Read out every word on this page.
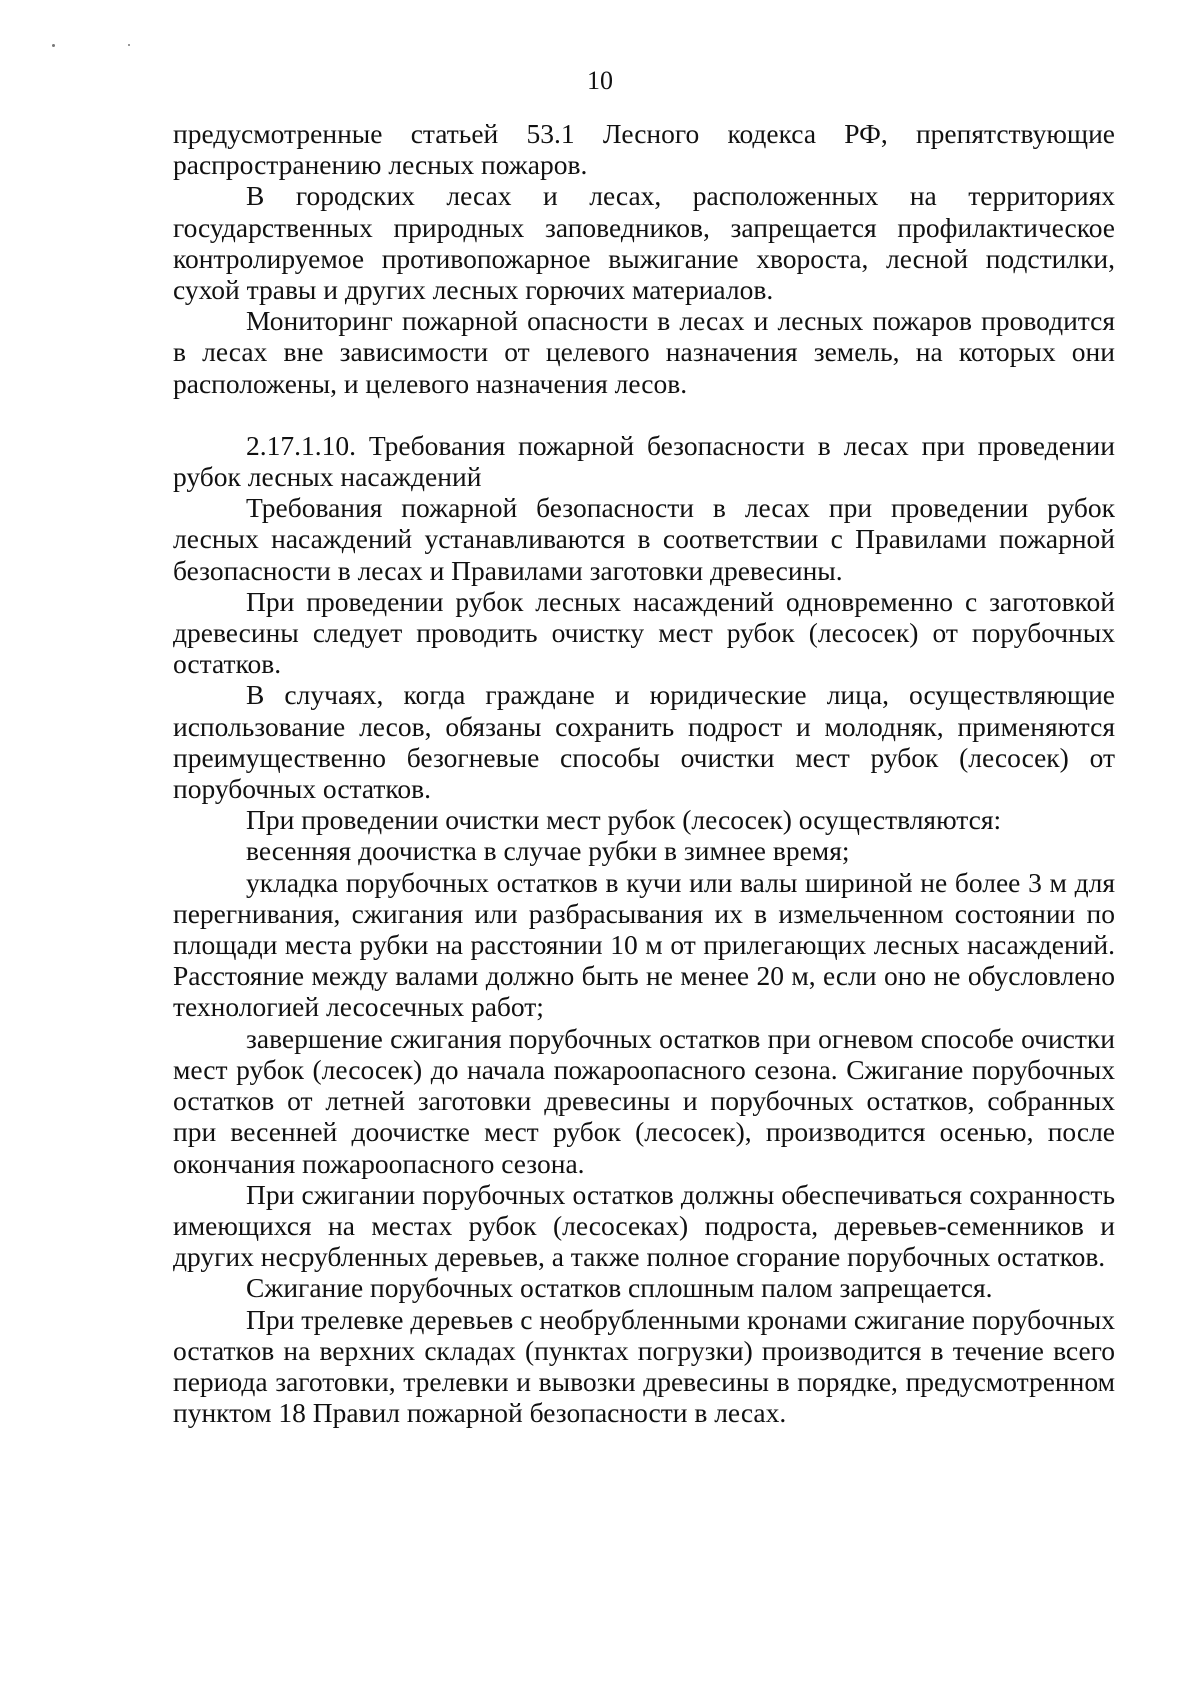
10

предусмотренные статьей 53.1 Лесного кодекса РФ, препятствующие распространению лесных пожаров.

В городских лесах и лесах, расположенных на территориях государственных природных заповедников, запрещается профилактическое контролируемое противопожарное выжигание хвороста, лесной подстилки, сухой травы и других лесных горючих материалов.

Мониторинг пожарной опасности в лесах и лесных пожаров проводится в лесах вне зависимости от целевого назначения земель, на которых они расположены, и целевого назначения лесов.

2.17.1.10. Требования пожарной безопасности в лесах при проведении рубок лесных насаждений

Требования пожарной безопасности в лесах при проведении рубок лесных насаждений устанавливаются в соответствии с Правилами пожарной безопасности в лесах и Правилами заготовки древесины.

При проведении рубок лесных насаждений одновременно с заготовкой древесины следует проводить очистку мест рубок (лесосек) от порубочных остатков.

В случаях, когда граждане и юридические лица, осуществляющие использование лесов, обязаны сохранить подрост и молодняк, применяются преимущественно безогневые способы очистки мест рубок (лесосек) от порубочных остатков.

При проведении очистки мест рубок (лесосек) осуществляются:

весенняя доочистка в случае рубки в зимнее время;

укладка порубочных остатков в кучи или валы шириной не более 3 м для перегнивания, сжигания или разбрасывания их в измельченном состоянии по площади места рубки на расстоянии 10 м от прилегающих лесных насаждений. Расстояние между валами должно быть не менее 20 м, если оно не обусловлено технологией лесосечных работ;

завершение сжигания порубочных остатков при огневом способе очистки мест рубок (лесосек) до начала пожароопасного сезона. Сжигание порубочных остатков от летней заготовки древесины и порубочных остатков, собранных при весенней доочистке мест рубок (лесосек), производится осенью, после окончания пожароопасного сезона.

При сжигании порубочных остатков должны обеспечиваться сохранность имеющихся на местах рубок (лесосеках) подроста, деревьев-семенников и других несрубленных деревьев, а также полное сгорание порубочных остатков.

Сжигание порубочных остатков сплошным палом запрещается.

При трелевке деревьев с необрубленными кронами сжигание порубочных остатков на верхних складах (пунктах погрузки) производится в течение всего периода заготовки, трелевки и вывозки древесины в порядке, предусмотренном пунктом 18 Правил пожарной безопасности в лесах.
